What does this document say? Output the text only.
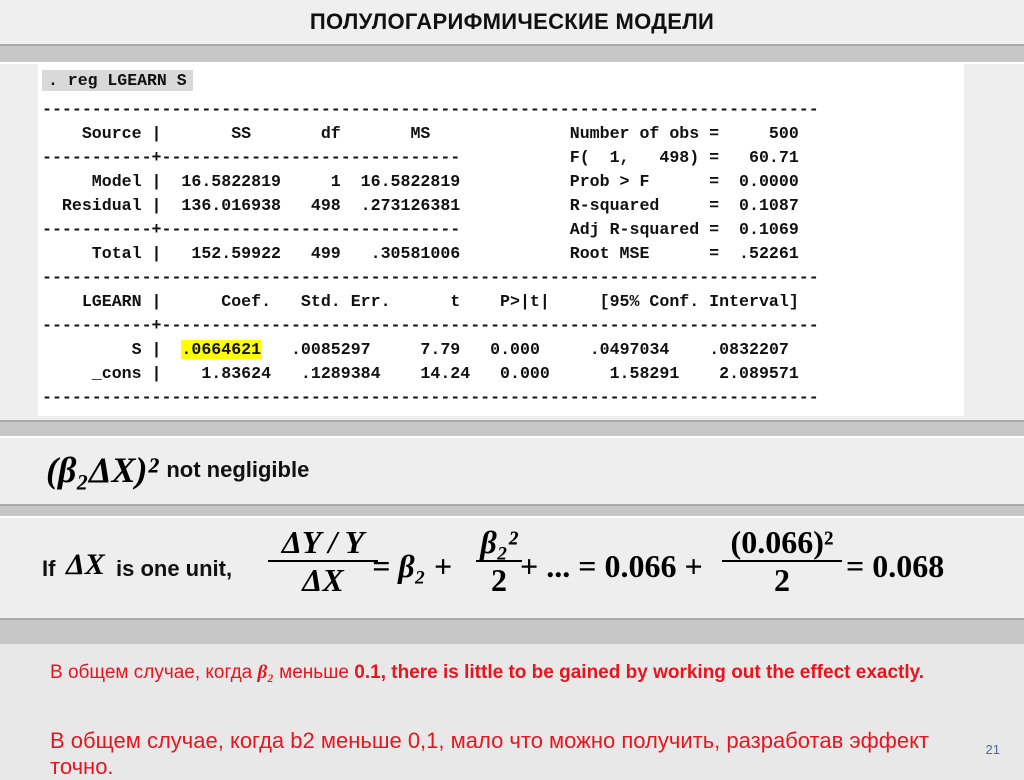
ПОЛУЛОГАРИФМИЧЕСКИЕ МОДЕЛИ
. reg LGEARN S
------------------------------------------------------------------------------
Source |       SS       df       MS              Number of obs =     500
-----------+------------------------------           F(  1,   498) =   60.71
Model |  16.5822819     1  16.5822819           Prob > F      =  0.0000
Residual |  136.016938   498  .273126381           R-squared     =  0.1087
-----------+------------------------------           Adj R-squared =  0.1069
Total |   152.59922   499   .30581006           Root MSE      =  .52261
------------------------------------------------------------------------------
LGEARN |      Coef.   Std. Err.      t    P>|t|     [95% Conf. Interval]
-----------+------------------------------------------------------------------
S |  .0664621   .0085297     7.79   0.000     .0497034    .0832207
_cons |    1.83624   .1289384    14.24   0.000      1.58291    2.089571
------------------------------------------------------------------------------
(β₂ΔX)² not negligible
If ΔX is one unit,
ΔY / Y
ΔX = β₂ +
β₂²
2 + ... = 0.066 +
(0.066)²
2 = 0.068
В общем случае, когда β₂ меньше 0.1, there is little to be gained by working out the effect exactly.
В общем случае, когда b2 меньше 0,1, мало что можно получить, разработав эффект точно.
21
